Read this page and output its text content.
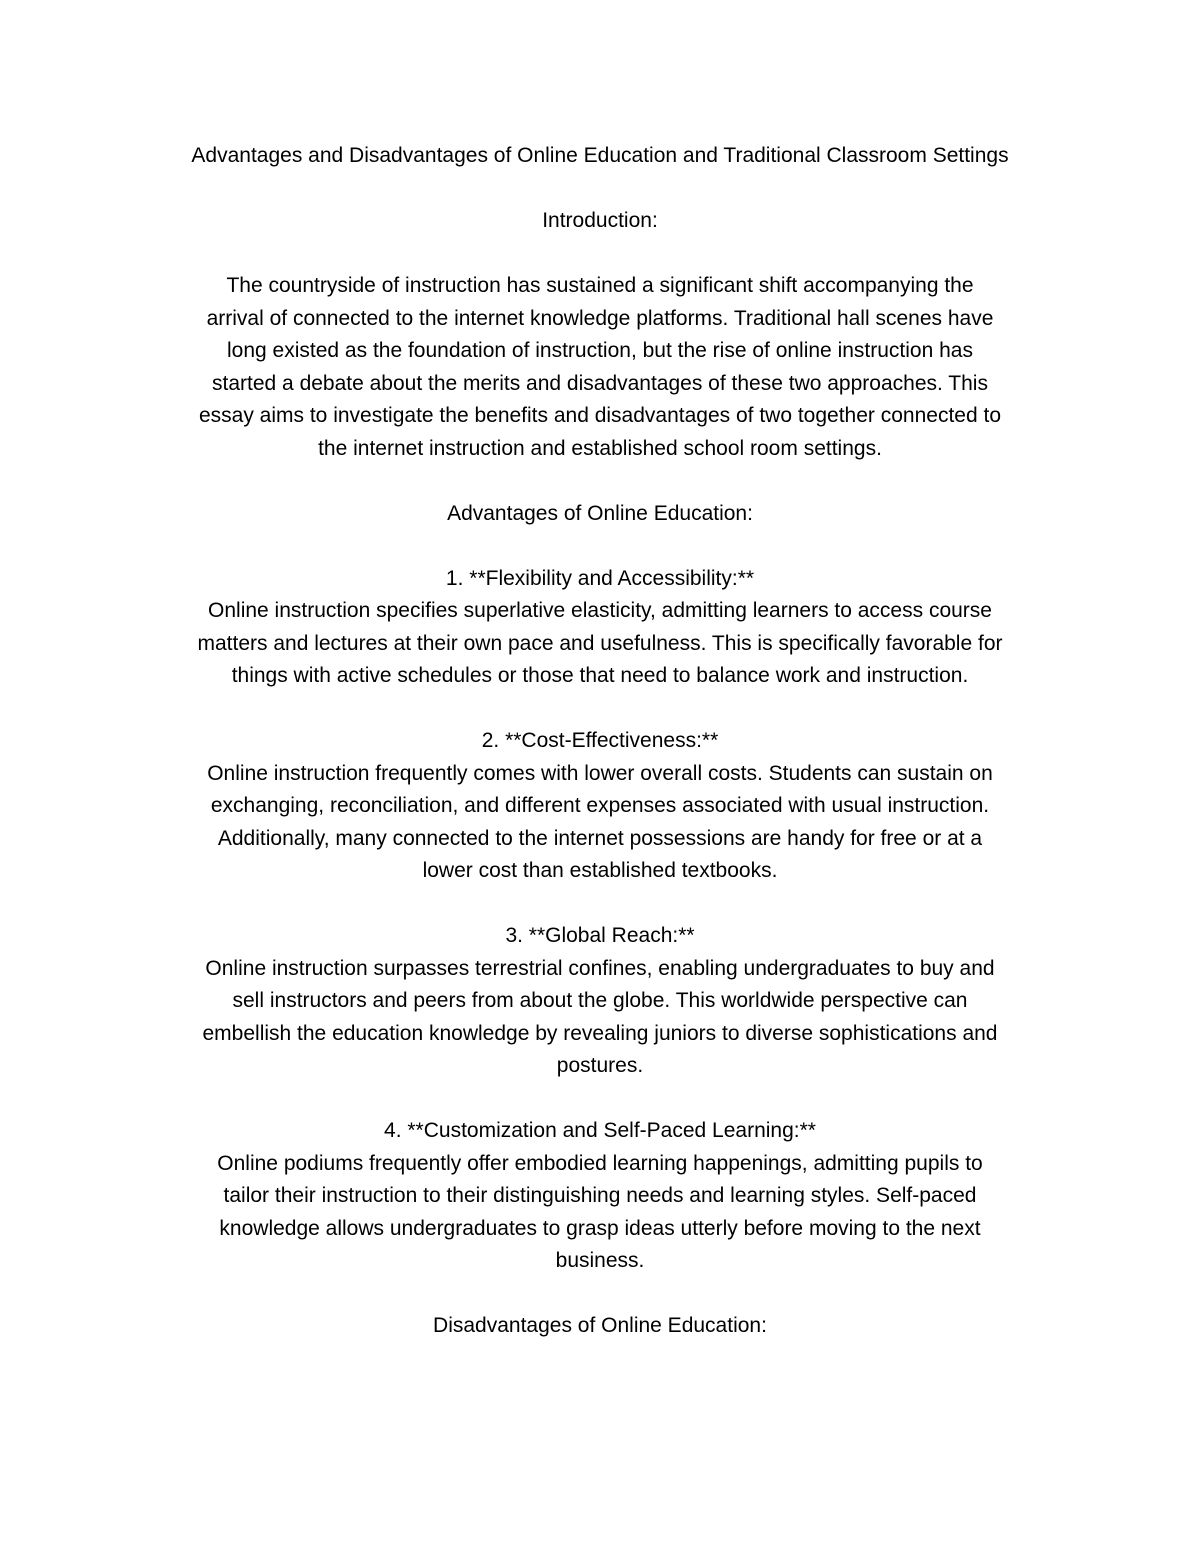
Advantages and Disadvantages of Online Education and Traditional Classroom Settings

Introduction:

The countryside of instruction has sustained a significant shift accompanying the
arrival of connected to the internet knowledge platforms. Traditional hall scenes have
long existed as the foundation of instruction, but the rise of online instruction has
started a debate about the merits and disadvantages of these two approaches. This
essay aims to investigate the benefits and disadvantages of two together connected to
the internet instruction and established school room settings.

Advantages of Online Education:

1. **Flexibility and Accessibility:**
Online instruction specifies superlative elasticity, admitting learners to access course
matters and lectures at their own pace and usefulness. This is specifically favorable for
things with active schedules or those that need to balance work and instruction.

2. **Cost-Effectiveness:**
Online instruction frequently comes with lower overall costs. Students can sustain on
exchanging, reconciliation, and different expenses associated with usual instruction.
Additionally, many connected to the internet possessions are handy for free or at a
lower cost than established textbooks.

3. **Global Reach:**
Online instruction surpasses terrestrial confines, enabling undergraduates to buy and
sell instructors and peers from about the globe. This worldwide perspective can
embellish the education knowledge by revealing juniors to diverse sophistications and
postures.

4. **Customization and Self-Paced Learning:**
Online podiums frequently offer embodied learning happenings, admitting pupils to
tailor their instruction to their distinguishing needs and learning styles. Self-paced
knowledge allows undergraduates to grasp ideas utterly before moving to the next
business.

Disadvantages of Online Education:
